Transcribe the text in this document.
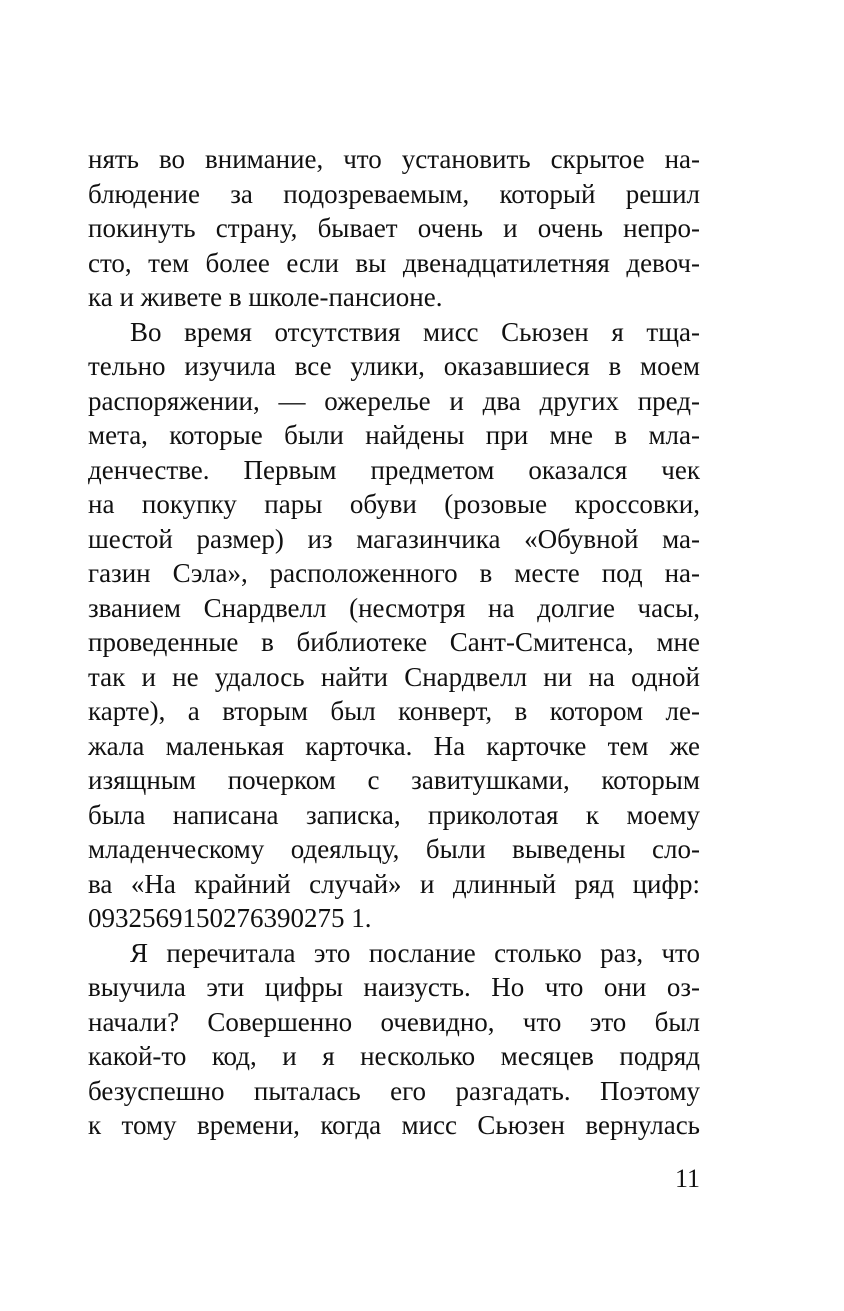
нять во внимание, что установить скрытое на-
блюдение за подозреваемым, который решил
покинуть страну, бывает очень и очень непро-
сто, тем более если вы двенадцатилетняя девоч-
ка и живете в школе-пансионе.
Во время отсутствия мисс Сьюзен я тща-
тельно изучила все улики, оказавшиеся в моем
распоряжении, — ожерелье и два других пред-
мета, которые были найдены при мне в мла-
денчестве. Первым предметом оказался чек
на покупку пары обуви (розовые кроссовки,
шестой размер) из магазинчика «Обувной ма-
газин Сэла», расположенного в месте под на-
званием Снардвелл (несмотря на долгие часы,
проведенные в библиотеке Сант-Смитенса, мне
так и не удалось найти Снардвелл ни на одной
карте), а вторым был конверт, в котором ле-
жала маленькая карточка. На карточке тем же
изящным почерком с завитушками, которым
была написана записка, приколотая к моему
младенческому одеяльцу, были выведены сло-
ва «На крайний случай» и длинный ряд цифр:
0932569150276390275 1.
Я перечитала это послание столько раз, что
выучила эти цифры наизусть. Но что они оз-
начали? Совершенно очевидно, что это был
какой-то код, и я несколько месяцев подряд
безуспешно пыталась его разгадать. Поэтому
к тому времени, когда мисс Сьюзен вернулась
11
